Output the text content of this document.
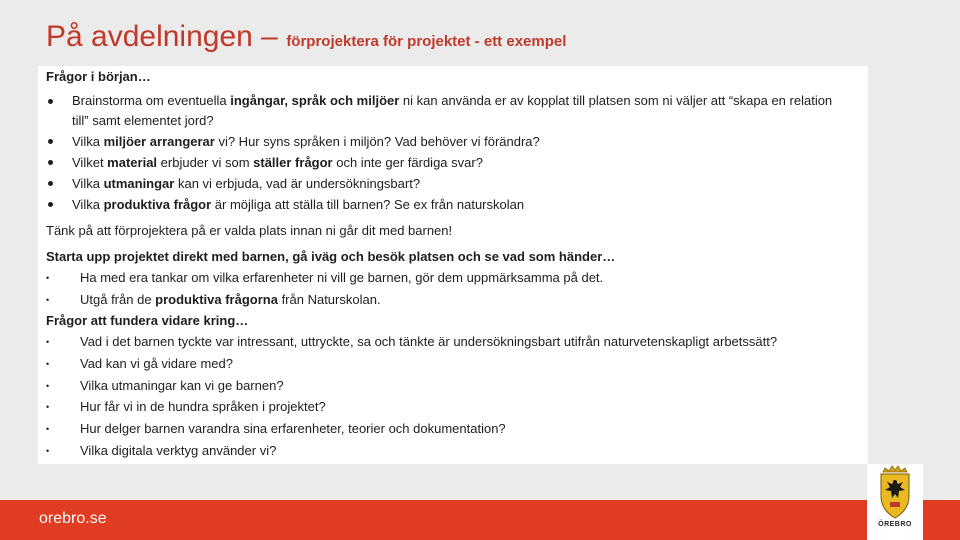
På avdelningen – förprojektera för projektet - ett exempel

Frågor i början…

Brainstorma om eventuella ingångar, språk och miljöer ni kan använda er av kopplat till platsen som ni väljer att “skapa en relation till” samt elementet jord?
Vilka miljöer arrangerar vi? Hur syns språken i miljön? Vad behöver vi förändra?
Vilket material erbjuder vi som ställer frågor och inte ger färdiga svar?
Vilka utmaningar kan vi erbjuda, vad är undersökningsbart?
Vilka produktiva frågor är möjliga att ställa till barnen? Se ex från naturskolan

Tänk på att förprojektera på er valda plats innan ni går dit med barnen!

Starta upp projektet direkt med barnen, gå iväg och besök platsen och se vad som händer…

• Ha med era tankar om vilka erfarenheter ni vill ge barnen, gör dem uppmärksamma på det.
• Utgå från de produktiva frågorna från Naturskolan.

Frågor att fundera vidare kring…

• Vad i det barnen tyckte var intressant, uttryckte, sa och tänkte är undersökningsbart utifrån naturvetenskapligt arbetssätt?
• Vad kan vi gå vidare med?
• Vilka utmaningar kan vi ge barnen?
• Hur får vi in de hundra språken i projektet?
• Hur delger barnen varandra sina erfarenheter, teorier och dokumentation?
• Vilka digitala verktyg använder vi?
orebro.se	ÖREBRO
